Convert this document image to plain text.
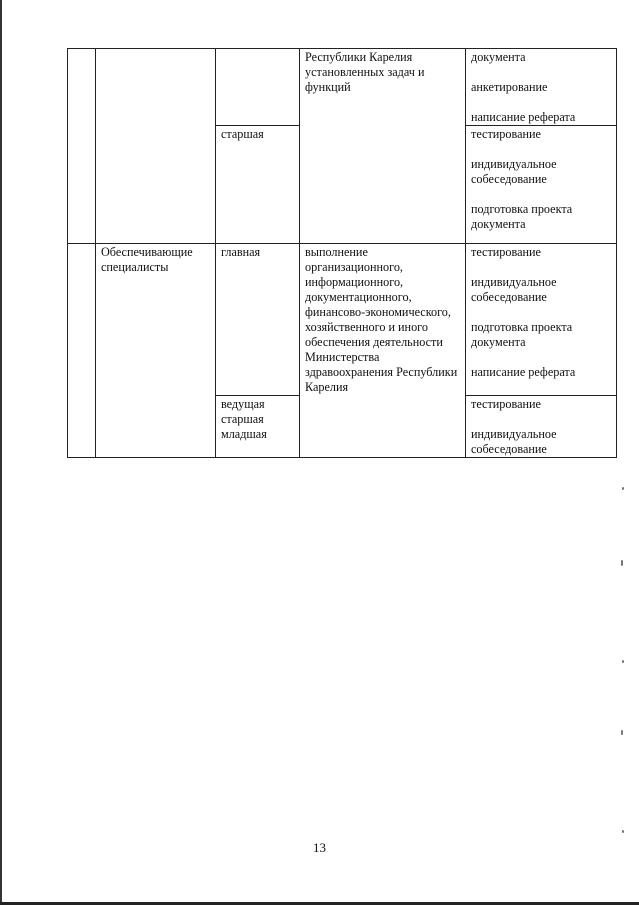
			Республики Карелия установленных задач и функций	документа
анкетирование
написание реферата
		старшая		тестирование
индивидуальное собеседование
подготовка проекта документа
	Обеспечивающие специалисты	главная	выполнение организационного, информационного, документационного, финансово-экономического, хозяйственного и иного обеспечения деятельности Министерства здравоохранения Республики Карелия	тестирование
индивидуальное собеседование
подготовка проекта документа
написание реферата
		ведущая
старшая
младшая		тестирование
индивидуальное собеседование
13
